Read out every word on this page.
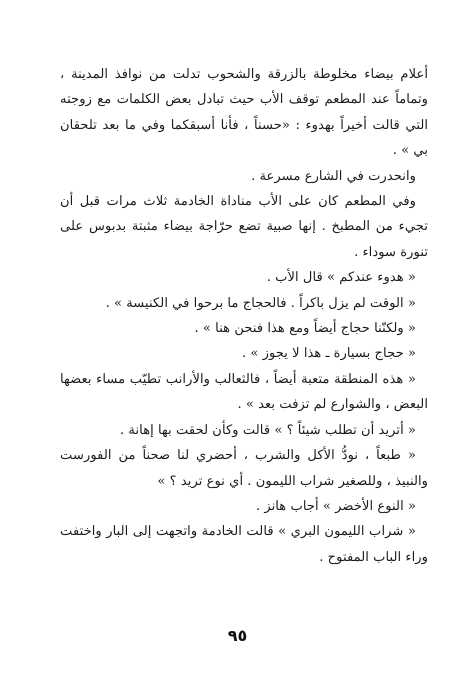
أعلام بيضاء مخلوطة بالزرقة والشحوب تدلت من نوافذ المدينة ، وتماماً عند المطعم توقف الأب حيث تبادل بعض الكلمات مع زوجته التي قالت أخيراً بهدوء : «حسناً ، فأنا أسبقكما وفي ما بعد تلحقان بي » .

وانحدرت في الشارع مسرعة .

وفي المطعم كان على الأب مناداة الخادمة ثلاث مرات قبل أن تجيء من المطبخ . إنها صبية تضع حرّاجة بيضاء مثبتة بدبوس على تنورة سوداء .

« هدوء عندكم » قال الأب .

« الوقت لم يزل باكراً . فالحجاج ما برحوا في الكنيسة » .

« ولكنّنا حجاج أيضاً ومع هذا فنحن هنا » .

« حجاج بسيارة ـ هذا لا يجوز » .

« هذه المنطقة متعبة أيضاً ، فالثعالب والأرانب تطيّب مساء بعضها البعض ، والشوارع لم تزفت بعد » .

« أتريد أن تطلب شيئاً ؟ » قالت وكأن لحقت بها إهانة .

« طبعاً ، نودُّ الأكل والشرب ، أحضري لنا صحناً من الفورست والنبيذ ، وللصغير شراب الليمون . أي نوع تريد ؟ »

« النوع الأخضر » أجاب هانز .

« شراب الليمون البري » قالت الخادمة واتجهت إلى البار واختفت وراء الباب المفتوح .

٩٥
